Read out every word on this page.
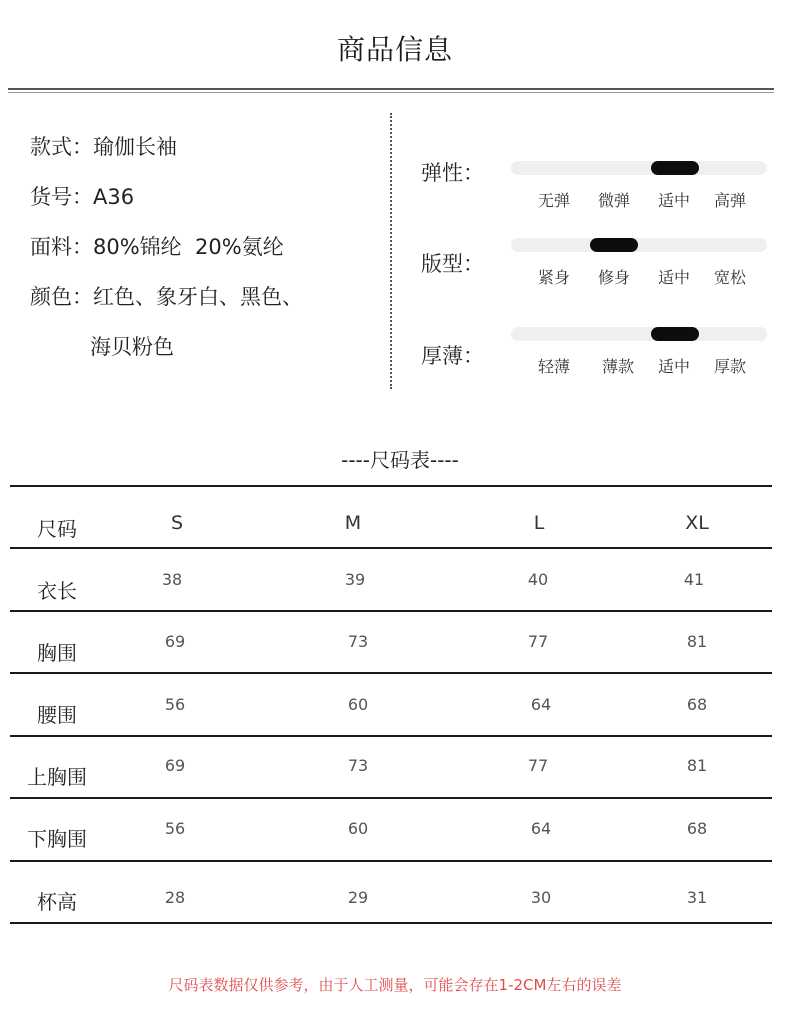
商品信息
款式：瑜伽长袖
货号：A36
面料：80%锦纶  20%氨纶
颜色：红色、象牙白、黑色、
海贝粉色
弹性：
无弹	微弹	适中	高弹
版型：
紧身	修身	适中	宽松
厚薄：	轻薄	薄款	适中	厚款
----尺码表----
尺码	S	M	L	XL
衣长	38	39	40	41
胸围	69	73	77	81
腰围	56	60	64	68
上胸围	69	73	77	81
下胸围	56	60	64	68
杯高	28	29	30	31
尺码表数据仅供参考，由于人工测量，可能会存在1-2CM左右的误差
